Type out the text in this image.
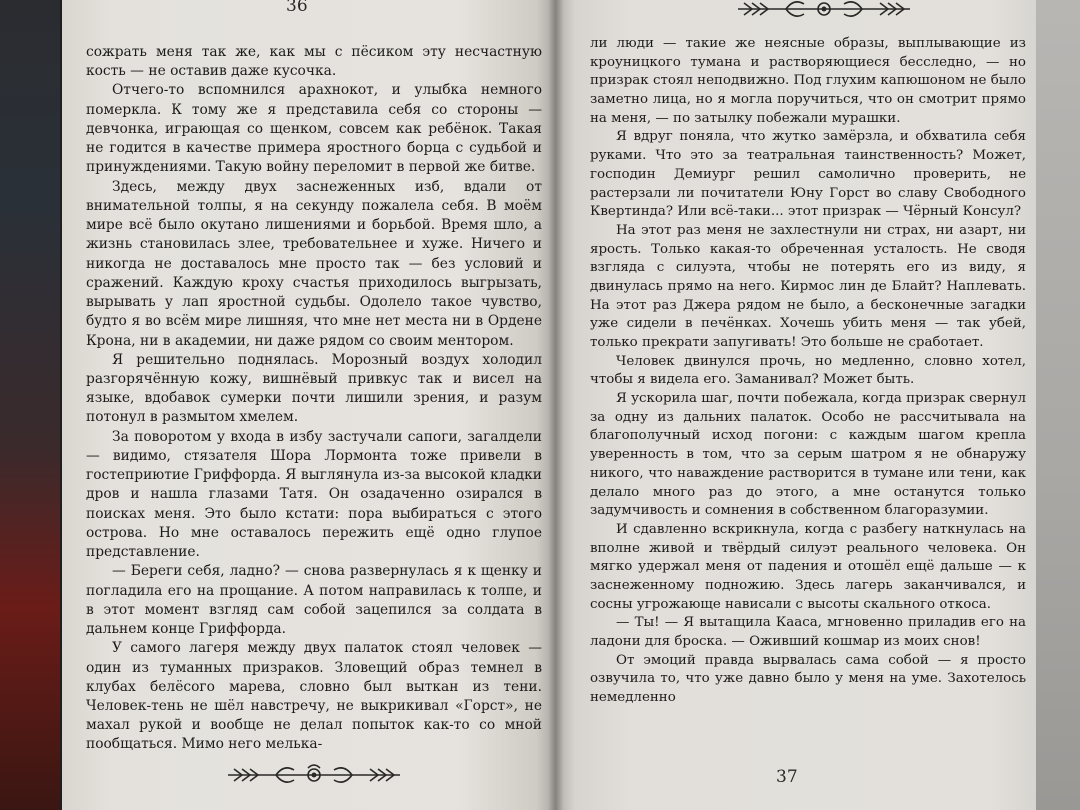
36

сожрать меня так же, как мы с пёсиком эту несчастную кость — не оставив даже кусочка.

Отчего-то вспомнился арахнокот, и улыбка немного померкла. К тому же я представила себя со стороны — девчонка, играющая со щенком, совсем как ребёнок. Такая не годится в качестве примера яростного борца с судьбой и принуждениями. Такую войну переломит в первой же битве.

Здесь, между двух заснеженных изб, вдали от внимательной толпы, я на секунду пожалела себя. В моём мире всё было окутано лишениями и борьбой. Время шло, а жизнь становилась злее, требовательнее и хуже. Ничего и никогда не доставалось мне просто так — без условий и сражений. Каждую кроху счастья приходилось выгрызать, вырывать у лап яростной судьбы. Одолело такое чувство, будто я во всём мире лишняя, что мне нет места ни в Ордене Крона, ни в академии, ни даже рядом со своим ментором.

Я решительно поднялась. Морозный воздух холодил разгорячённую кожу, вишнёвый привкус так и висел на языке, вдобавок сумерки почти лишили зрения, и разум потонул в размытом хмелем.

За поворотом у входа в избу застучали сапоги, загалдели — видимо, стязателя Шора Лормонта тоже привели в гостеприютие Гриффорда. Я выглянула из-за высокой кладки дров и нашла глазами Татя. Он озадаченно озирался в поисках меня. Это было кстати: пора выбираться с этого острова. Но мне оставалось пережить ещё одно глупое представление.

— Береги себя, ладно? — снова развернулась я к щенку и погладила его на прощание. А потом направилась к толпе, и в этот момент взгляд сам собой зацепился за солдата в дальнем конце Гриффорда.

У самого лагеря между двух палаток стоял человек — один из туманных призраков. Зловещий образ темнел в клубах белёсого марева, словно был выткан из тени. Человек-тень не шёл навстречу, не выкрикивал «Горст», не махал рукой и вообще не делал попыток как-то со мной пообщаться. Мимо него мелька-

ли люди — такие же неясные образы, выплывающие из кроуницкого тумана и растворяющиеся бесследно, — но призрак стоял неподвижно. Под глухим капюшоном не было заметно лица, но я могла поручиться, что он смотрит прямо на меня, — по затылку побежали мурашки.

Я вдруг поняла, что жутко замёрзла, и обхватила себя руками. Что это за театральная таинственность? Может, господин Демиург решил самолично проверить, не растерзали ли почитатели Юну Горст во славу Свободного Квертинда? Или всё-таки... этот призрак — Чёрный Консул?

На этот раз меня не захлестнули ни страх, ни азарт, ни ярость. Только какая-то обреченная усталость. Не сводя взгляда с силуэта, чтобы не потерять его из виду, я двинулась прямо на него. Кирмос лин де Блайт? Наплевать. На этот раз Джера рядом не было, а бесконечные загадки уже сидели в печёнках. Хочешь убить меня — так убей, только прекрати запугивать! Это больше не сработает.

Человек двинулся прочь, но медленно, словно хотел, чтобы я видела его. Заманивал? Может быть.

Я ускорила шаг, почти побежала, когда призрак свернул за одну из дальних палаток. Особо не рассчитывала на благополучный исход погони: с каждым шагом крепла уверенность в том, что за серым шатром я не обнаружу никого, что наваждение растворится в тумане или тени, как делало много раз до этого, а мне останутся только задумчивость и сомнения в собственном благоразумии.

И сдавленно вскрикнула, когда с разбегу наткнулась на вполне живой и твёрдый силуэт реального человека. Он мягко удержал меня от падения и отошёл ещё дальше — к заснеженному подножию. Здесь лагерь заканчивался, и сосны угрожающе нависали с высоты скального откоса.

— Ты! — Я вытащила Кааса, мгновенно приладив его на ладони для броска. — Оживший кошмар из моих снов!

От эмоций правда вырвалась сама собой — я просто озвучила то, что уже давно было у меня на уме. Захотелось немедленно

37
